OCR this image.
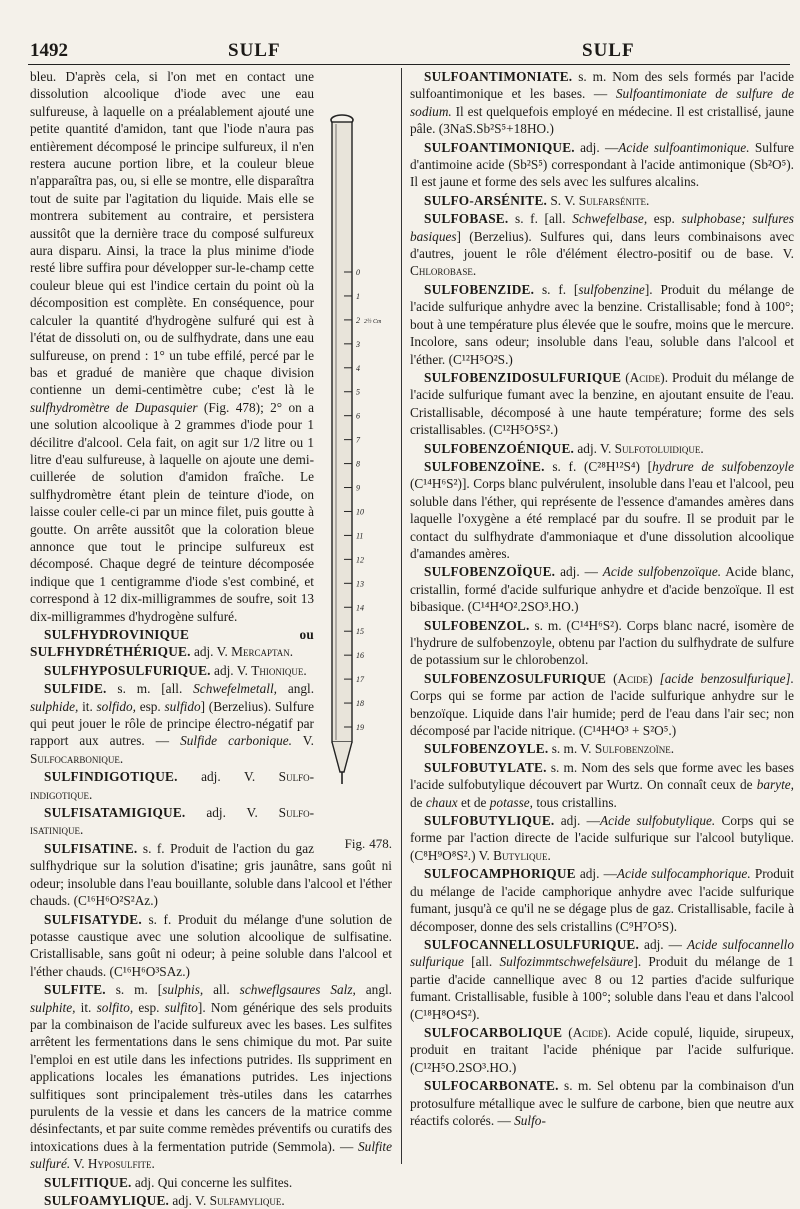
1492	SULF	SULF
0
1
2 2½ Cm
3
4
5
6
7
8
9
10
11
12
13
14
15
16
17
18
19
Fig. 478.

bleu. D'après cela, si l'on met en contact une dissolution alcoolique d'iode avec une eau sulfureuse, à laquelle on a préalablement ajouté une petite quantité d'amidon, tant que l'iode n'aura pas entièrement décomposé le principe sulfureux, il n'en restera aucune portion libre, et la couleur bleue n'apparaîtra pas, ou, si elle se montre, elle disparaîtra tout de suite par l'agitation du liquide. Mais elle se montrera subitement au contraire, et persistera aussitôt que la dernière trace du composé sulfureux aura disparu. Ainsi, la trace la plus minime d'iode resté libre suffira pour développer sur-le-champ cette couleur bleue qui est l'indice certain du point où la décomposition est complète. En conséquence, pour calculer la quantité d'hydrogène sulfuré qui est à l'état de dissoluti on, ou de sulfhydrate, dans une eau sulfureuse, on prend : 1° un tube effilé, percé par le bas et gradué de manière que chaque division contienne un demi-centimètre cube; c'est là le sulfhydromètre de Dupasquier (Fig. 478); 2° on a une solution alcoolique à 2 grammes d'iode pour 1 décilitre d'alcool. Cela fait, on agit sur 1/2 litre ou 1 litre d'eau sulfureuse, à laquelle on ajoute une demi-cuillerée de solution d'amidon fraîche. Le sulfhydromètre étant plein de teinture d'iode, on laisse couler celle-ci par un mince filet, puis goutte à goutte. On arrête aussitôt que la coloration bleue annonce que tout le principe sulfureux est décomposé. Chaque degré de teinture décomposée indique que 1 centigramme d'iode s'est combiné, et correspond à 12 dix-milligrammes de soufre, soit 13 dix-milligrammes d'hydrogène sulfuré.

SULFHYDROVINIQUE ou SULFHYDRÉTHÉRIQUE. adj. V. Mercaptan.

SULFHYPOSULFURIQUE. adj. V. Thionique.

SULFIDE. s. m. [all. Schwefelmetall, angl. sulphide, it. solfido, esp. sulfido] (Berzelius). Sulfure qui peut jouer le rôle de principe électro-négatif par rapport aux autres. — Sulfide carbonique. V. Sulfocarbonique.

SULFINDIGOTIQUE. adj. V. Sulfo-indigotique.

SULFISATAMIGIQUE. adj. V. Sulfo-isatinique.

SULFISATINE. s. f. Produit de l'action du gaz sulfhydrique sur la solution d'isatine; gris jaunâtre, sans goût ni odeur; insoluble dans l'eau bouillante, soluble dans l'alcool et l'éther chauds. (C¹⁶H⁶O²S²Az.)

SULFISATYDE. s. f. Produit du mélange d'une solution de potasse caustique avec une solution alcoolique de sulfisatine. Cristallisable, sans goût ni odeur; à peine soluble dans l'alcool et l'éther chauds. (C¹⁶H⁶O³SAz.)

SULFITE. s. m. [sulphis, all. schweflgsaures Salz, angl. sulphite, it. solfito, esp. sulfito]. Nom générique des sels produits par la combinaison de l'acide sulfureux avec les bases. Les sulfites arrêtent les fermentations dans le sens chimique du mot. Par suite l'emploi en est utile dans les infections putrides. Ils suppriment en applications locales les émanations putrides. Les injections sulfitiques sont principalement très-utiles dans les catarrhes purulents de la vessie et dans les cancers de la matrice comme désinfectants, et par suite comme remèdes préventifs ou curatifs des intoxications dues à la fermentation putride (Semmola). — Sulfite sulfuré. V. Hyposulfite.

SULFITIQUE. adj. Qui concerne les sulfites.

SULFOAMYLIQUE. adj. V. Sulfamylique.

SULFOANTIMONIATE. s. m. Nom des sels formés par l'acide sulfoantimonique et les bases. — Sulfoantimoniate de sulfure de sodium. Il est quelquefois employé en médecine. Il est cristallisé, jaune pâle. (3NaS.Sb²S⁵+18HO.)

SULFOANTIMONIQUE. adj. —Acide sulfoantimonique. Sulfure d'antimoine acide (Sb²S⁵) correspondant à l'acide antimonique (Sb²O⁵). Il est jaune et forme des sels avec les sulfures alcalins.

SULFO-ARSÉNITE. S. V. Sulfarsénite.

SULFOBASE. s. f. [all. Schwefelbase, esp. sulphobase; sulfures basiques] (Berzelius). Sulfures qui, dans leurs combinaisons avec d'autres, jouent le rôle d'élément électro-positif ou de base. V. Chlorobase.

SULFOBENZIDE. s. f. [sulfobenzine]. Produit du mélange de l'acide sulfurique anhydre avec la benzine. Cristallisable; fond à 100°; bout à une température plus élevée que le soufre, moins que le mercure. Incolore, sans odeur; insoluble dans l'eau, soluble dans l'alcool et l'éther. (C¹²H⁵O²S.)

SULFOBENZIDOSULFURIQUE (Acide). Produit du mélange de l'acide sulfurique fumant avec la benzine, en ajoutant ensuite de l'eau. Cristallisable, décomposé à une haute température; forme des sels cristallisables. (C¹²H⁵O⁵S².)

SULFOBENZOÉNIQUE. adj. V. Sulfotoluidique.

SULFOBENZOÏNE. s. f. (C²⁸H¹²S⁴) [hydrure de sulfobenzoyle (C¹⁴H⁶S²)]. Corps blanc pulvérulent, insoluble dans l'eau et l'alcool, peu soluble dans l'éther, qui représente de l'essence d'amandes amères dans laquelle l'oxygène a été remplacé par du soufre. Il se produit par le contact du sulfhydrate d'ammoniaque et d'une dissolution alcoolique d'amandes amères.

SULFOBENZOÏQUE. adj. — Acide sulfobenzoïque. Acide blanc, cristallin, formé d'acide sulfurique anhydre et d'acide benzoïque. Il est bibasique. (C¹⁴H⁴O².2SO³.HO.)

SULFOBENZOL. s. m. (C¹⁴H⁶S²). Corps blanc nacré, isomère de l'hydrure de sulfobenzoyle, obtenu par l'action du sulfhydrate de sulfure de potassium sur le chlorobenzol.

SULFOBENZOSULFURIQUE (Acide) [acide benzosulfurique]. Corps qui se forme par action de l'acide sulfurique anhydre sur le benzoïque. Liquide dans l'air humide; perd de l'eau dans l'air sec; non décomposé par l'acide nitrique. (C¹⁴H⁴O³ + S²O⁵.)

SULFOBENZOYLE. s. m. V. Sulfobenzoïne.

SULFOBUTYLATE. s. m. Nom des sels que forme avec les bases l'acide sulfobutylique découvert par Wurtz. On connaît ceux de baryte, de chaux et de potasse, tous cristallins.

SULFOBUTYLIQUE. adj. —Acide sulfobutylique. Corps qui se forme par l'action directe de l'acide sulfurique sur l'alcool butylique. (C⁸H⁹O⁸S².) V. Butylique.

SULFOCAMPHORIQUE adj. —Acide sulfocamphorique. Produit du mélange de l'acide camphorique anhydre avec l'acide sulfurique fumant, jusqu'à ce qu'il ne se dégage plus de gaz. Cristallisable, facile à décomposer, donne des sels cristallins (C⁹H⁷O⁵S).

SULFOCANNELLOSULFURIQUE. adj. — Acide sulfocannello sulfurique [all. Sulfozimmtschwefelsäure]. Produit du mélange de 1 partie d'acide cannellique avec 8 ou 12 parties d'acide sulfurique fumant. Cristallisable, fusible à 100°; soluble dans l'eau et dans l'alcool (C¹⁸H⁸O⁴S²).

SULFOCARBOLIQUE (Acide). Acide copulé, liquide, sirupeux, produit en traitant l'acide phénique par l'acide sulfurique. (C¹²H⁵O.2SO³.HO.)

SULFOCARBONATE. s. m. Sel obtenu par la combinaison d'un protosulfure métallique avec le sulfure de carbone, bien que neutre aux réactifs colorés. — Sulfo-
